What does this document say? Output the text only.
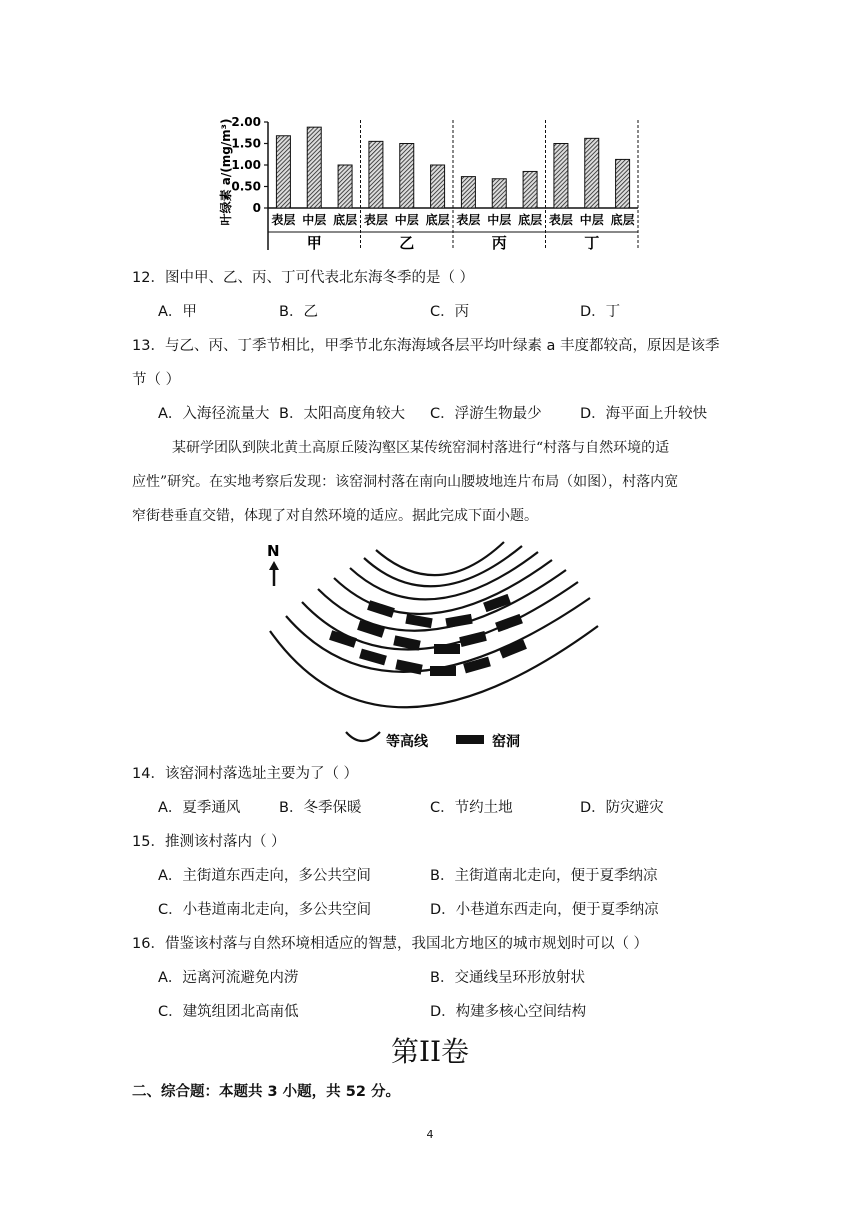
叶绿素 a/(mg/m³)
2.00
1.50
1.00
0.50
0
表层 中层 底层
甲
表层 中层 底层
乙
表层 中层 底层
丙
表层 中层 底层
丁
12．图中甲、乙、丙、丁可代表北东海冬季的是（ ）
A．甲	B．乙	C．丙	D．丁
13．与乙、丙、丁季节相比，甲季节北东海海域各层平均叶绿素 a 丰度都较高，原因是该季
节（ ）
A．入海径流量大 B．太阳高度角较大 C．浮游生物最少	D．海平面上升较快
某研学团队到陕北黄土高原丘陵沟壑区某传统窑洞村落进行“村落与自然环境的适
应性”研究。在实地考察后发现：该窑洞村落在南向山腰坡地连片布局（如图），村落内宽
窄街巷垂直交错，体现了对自然环境的适应。据此完成下面小题。
N
等高线	窑洞
14．该窑洞村落选址主要为了（ ）
A．夏季通风	B．冬季保暖	C．节约土地	D．防灾避灾
15．推测该村落内（ ）
A．主街道东西走向，多公共空间	B．主街道南北走向，便于夏季纳凉
C．小巷道南北走向，多公共空间	D．小巷道东西走向，便于夏季纳凉
16．借鉴该村落与自然环境相适应的智慧，我国北方地区的城市规划时可以（ ）
A．远离河流避免内涝	B．交通线呈环形放射状
C．建筑组团北高南低	D．构建多核心空间结构
第II卷
二、综合题：本题共 3 小题，共 52 分。
4
